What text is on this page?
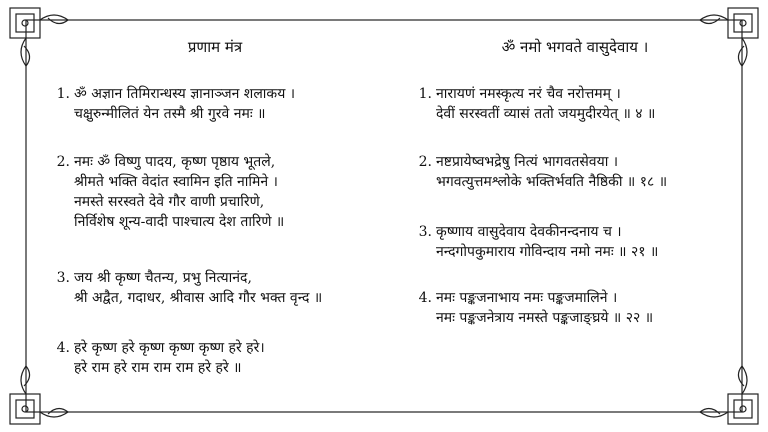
प्रणाम मंत्र
1. ॐ अज्ञान तिमिरान्धस्य ज्ञानाञ्जन शलाकय ।
चक्षुरुन्मीलितं येन तस्मै श्री गुरवे नमः ॥
2. नमः ॐ विष्णु पादय, कृष्ण पृष्ठाय भूतले,
श्रीमते भक्ति वेदांत स्वामिन इति नामिने ।
नमस्ते सरस्वते देवे गौर वाणी प्रचारिणे,
निर्विशेष शून्य-वादी पाश्चात्य देश तारिणे ॥
3. जय श्री कृष्ण चैतन्य, प्रभु नित्यानंद,
श्री अद्वैत, गदाधर, श्रीवास आदि गौर भक्त वृन्द ॥
4. हरे कृष्ण हरे कृष्ण कृष्ण कृष्ण हरे हरे।
हरे राम हरे राम राम राम हरे हरे ॥
ॐ नमो भगवते वासुदेवाय ।
1. नारायणं नमस्कृत्य नरं चैव नरोत्तमम् ।
देवीं सरस्वतीं व्यासं ततो जयमुदीरयेत् ॥ ४ ॥
2. नष्टप्रायेष्वभद्रेषु नित्यं भागवतसेवया ।
भगवत्युत्तमश्लोके भक्तिर्भवति नैष्ठिकी ॥ १८ ॥
3. कृष्णाय वासुदेवाय देवकीनन्दनाय च ।
नन्दगोपकुमाराय गोविन्दाय नमो नमः ॥ २१ ॥
4. नमः पङ्कजनाभाय नमः पङ्कजमालिने ।
नमः पङ्कजनेत्राय नमस्ते पङ्कजाङ्घ्रये ॥ २२ ॥
